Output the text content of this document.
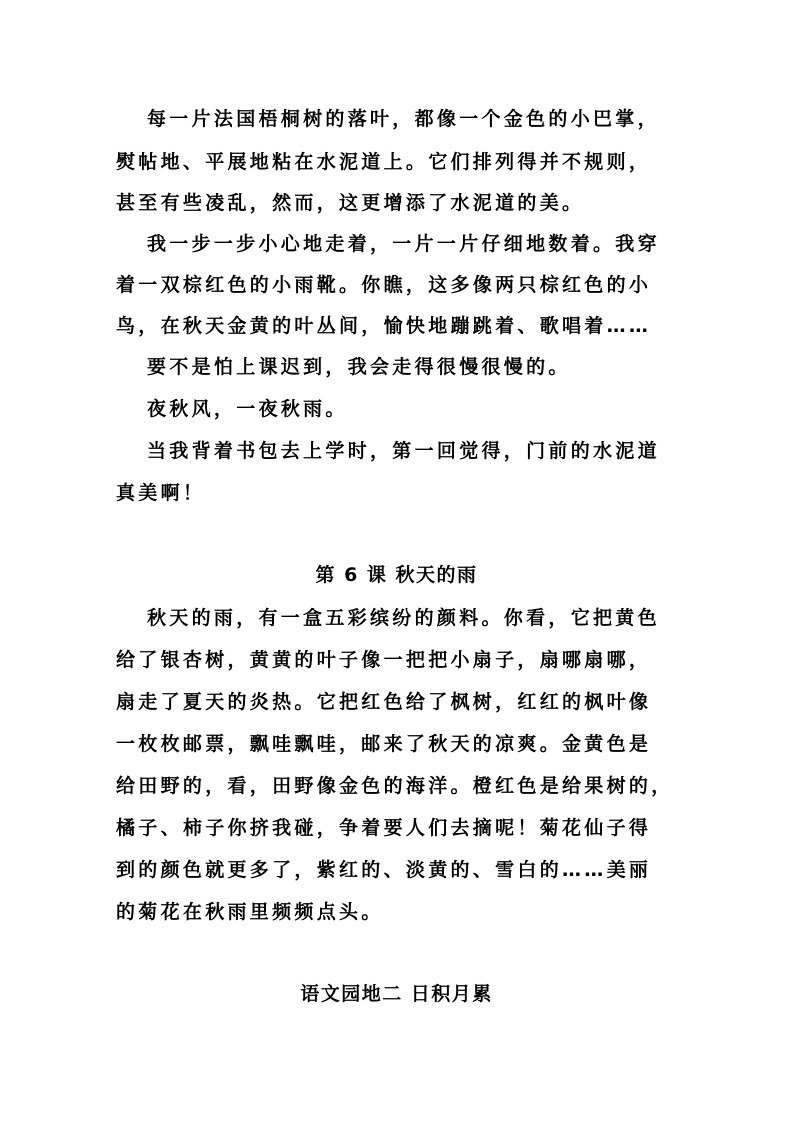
每一片法国梧桐树的落叶，都像一个金色的小巴掌，
熨帖地、平展地粘在水泥道上。它们排列得并不规则，
甚至有些凌乱，然而，这更增添了水泥道的美。
我一步一步小心地走着，一片一片仔细地数着。我穿
着一双棕红色的小雨靴。你瞧，这多像两只棕红色的小
鸟，在秋天金黄的叶丛间，愉快地蹦跳着、歌唱着……
要不是怕上课迟到，我会走得很慢很慢的。
夜秋风，一夜秋雨。
当我背着书包去上学时，第一回觉得，门前的水泥道
真美啊！
第 6 课 秋天的雨
秋天的雨，有一盒五彩缤纷的颜料。你看，它把黄色
给了银杏树，黄黄的叶子像一把把小扇子，扇哪扇哪，
扇走了夏天的炎热。它把红色给了枫树，红红的枫叶像
一枚枚邮票，飘哇飘哇，邮来了秋天的凉爽。金黄色是
给田野的，看，田野像金色的海洋。橙红色是给果树的，
橘子、柿子你挤我碰，争着要人们去摘呢！菊花仙子得
到的颜色就更多了，紫红的、淡黄的、雪白的……美丽
的菊花在秋雨里频频点头。
语文园地二 日积月累
